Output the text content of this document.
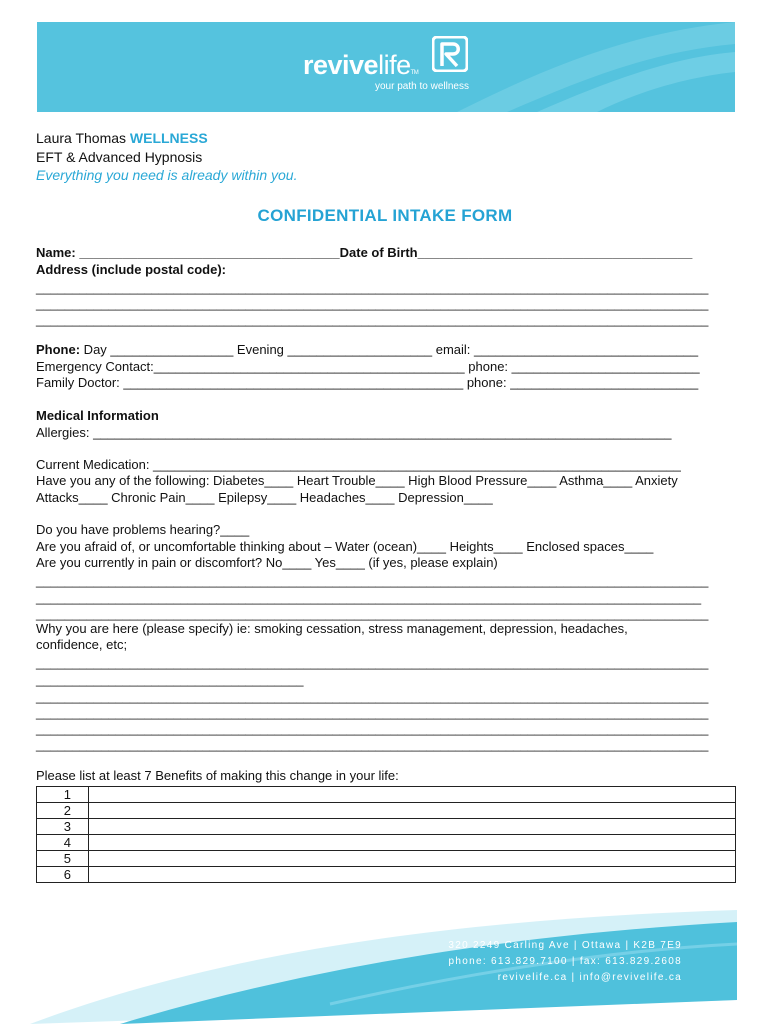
revivelifeTM
your path to wellness
Laura Thomas WELLNESS
EFT & Advanced Hypnosis
Everything you need is already within you.
CONFIDENTIAL INTAKE FORM
Name: ____________________________________Date of Birth______________________________________
Address (include postal code):
_____________________________________________________________________________________________
_____________________________________________________________________________________________
_____________________________________________________________________________________________
Phone: Day _________________ Evening ____________________ email: _______________________________
Emergency Contact:___________________________________________ phone: __________________________
Family Doctor: _______________________________________________ phone: __________________________
Medical Information
Allergies: ________________________________________________________________________________
Current Medication: _________________________________________________________________________
Have you any of the following: Diabetes____ Heart Trouble____ High Blood Pressure____ Asthma____ Anxiety
Attacks____ Chronic Pain____ Epilepsy____ Headaches____ Depression____
Do you have problems hearing?____
Are you afraid of, or uncomfortable thinking about – Water (ocean)____ Heights____ Enclosed spaces____
Are you currently in pain or discomfort? No____ Yes____ (if yes, please explain)
_____________________________________________________________________________________________
____________________________________________________________________________________________
_____________________________________________________________________________________________
Why you are here (please specify) ie: smoking cessation, stress management, depression, headaches,
confidence, etc;
_____________________________________________________________________________________________
_____________________________________
_____________________________________________________________________________________________
_____________________________________________________________________________________________
_____________________________________________________________________________________________
_____________________________________________________________________________________________
Please list at least 7 Benefits of making this change in your life:
1	
2	
3	
4	
5	
6	
320 2249 Carling Ave | Ottawa | K2B 7E9
phone: 613.829.7100 | fax: 613.829.2608
revivelife.ca | info@revivelife.ca
